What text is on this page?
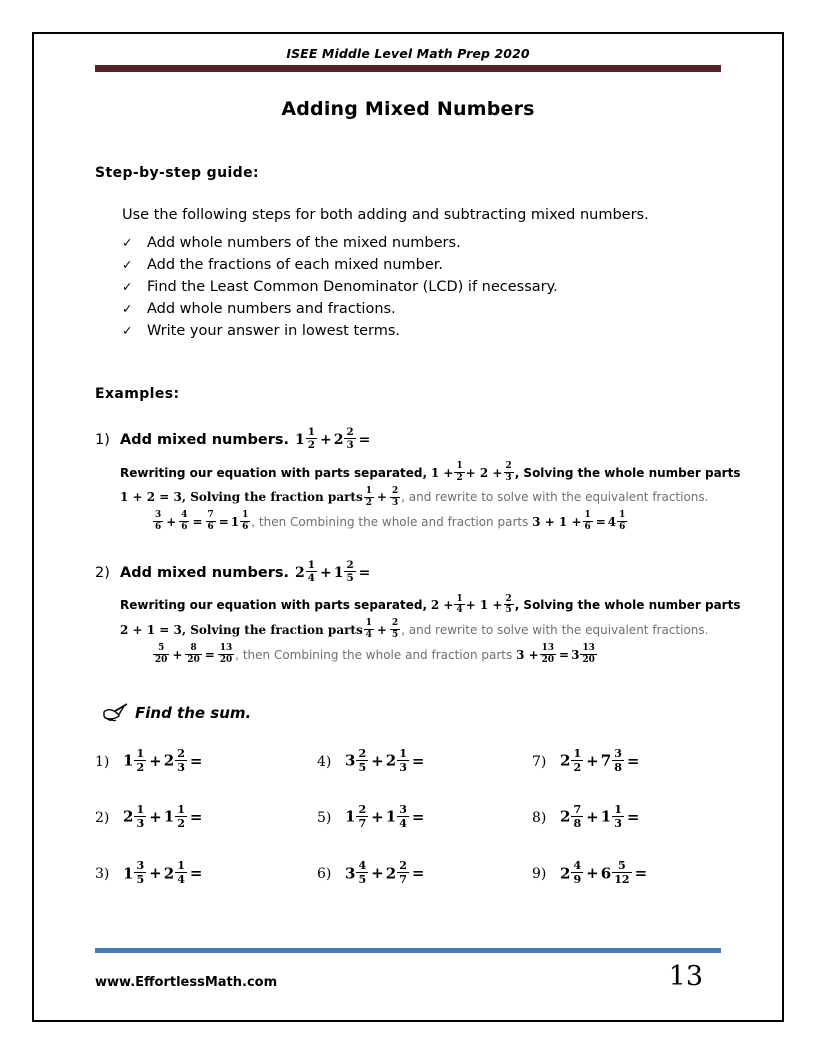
ISEE Middle Level Math Prep 2020
Adding Mixed Numbers
Step-by-step guide:
Use the following steps for both adding and subtracting mixed numbers.
✓	Add whole numbers of the mixed numbers.
✓	Add the fractions of each mixed number.
✓	Find the Least Common Denominator (LCD) if necessary.
✓	Add whole numbers and fractions.
✓	Write your answer in lowest terms.
Examples:
1) Add mixed numbers. $1 \frac{1}{2} + 2 \frac{2}{3}$ =
Rewriting our equation with parts separated, $1 + \frac{1}{2} + 2 + \frac{2}{3}$ , Solving the whole number parts
1 + 2 = 3, Solving the fraction parts $\frac{1}{2} + \frac{2}{3}$ , and rewrite to solve with the equivalent fractions.
$\frac{3}{6} + \frac{4}{6} = \frac{7}{6} = 1 \frac{1}{6}$ , then Combining the whole and fraction parts $3 + 1 + \frac{1}{6} = 4 \frac{1}{6}$
2) Add mixed numbers. $2 \frac{1}{4} + 1 \frac{2}{5}$ =
Rewriting our equation with parts separated, $2 + \frac{1}{4} + 1 + \frac{2}{5}$ , Solving the whole number parts
2 + 1 = 3, Solving the fraction parts $\frac{1}{4} + \frac{2}{5}$ , and rewrite to solve with the equivalent fractions.
$\frac{5}{20} + \frac{8}{20} = \frac{13}{20}$ , then Combining the whole and fraction parts $3 + \frac{13}{20} = 3 \frac{13}{20}$
Find the sum.
1) $1 \frac{1}{2} + 2 \frac{2}{3}$ =	4) $3 \frac{2}{5} + 2 \frac{1}{3}$ =	7) $2 \frac{1}{2} + 7 \frac{3}{8}$ =
2) $2 \frac{1}{3} + 1 \frac{1}{2}$ =	5) $1 \frac{2}{7} + 1 \frac{3}{4}$ =	8) $2 \frac{7}{8} + 1 \frac{1}{3}$ =
3) $1 \frac{3}{5} + 2 \frac{1}{4}$ =	6) $3 \frac{4}{5} + 2 \frac{2}{7}$ =	9) $2 \frac{4}{9} + 6 \frac{5}{12}$ =
www.EffortlessMath.com	13
